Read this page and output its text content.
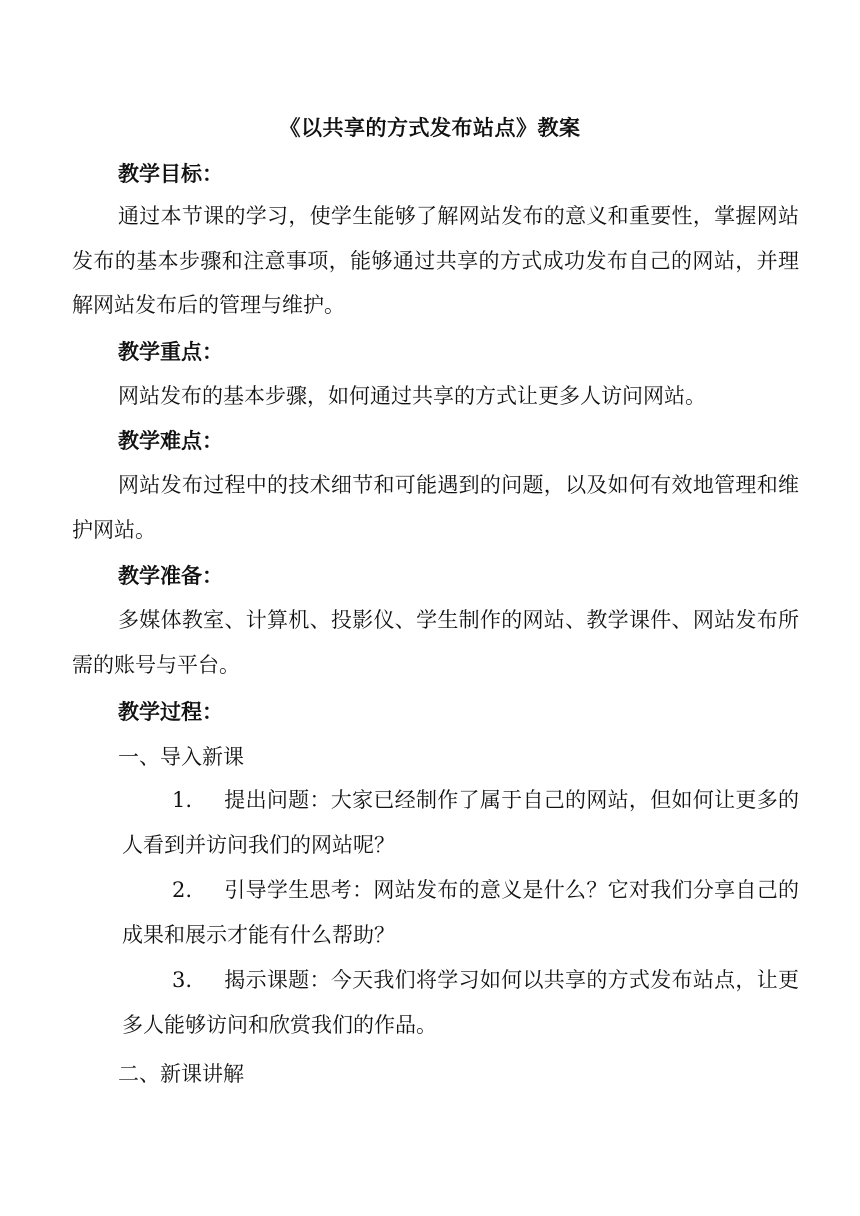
《以共享的方式发布站点》教案
教学目标：
通过本节课的学习，使学生能够了解网站发布的意义和重要性，掌握网站发布的基本步骤和注意事项，能够通过共享的方式成功发布自己的网站，并理解网站发布后的管理与维护。
教学重点：
网站发布的基本步骤，如何通过共享的方式让更多人访问网站。
教学难点：
网站发布过程中的技术细节和可能遇到的问题，以及如何有效地管理和维护网站。
教学准备：
多媒体教室、计算机、投影仪、学生制作的网站、教学课件、网站发布所需的账号与平台。
教学过程：
一、导入新课
1. 提出问题：大家已经制作了属于自己的网站，但如何让更多的人看到并访问我们的网站呢？
2. 引导学生思考：网站发布的意义是什么？它对我们分享自己的成果和展示才能有什么帮助？
3. 揭示课题：今天我们将学习如何以共享的方式发布站点，让更多人能够访问和欣赏我们的作品。
二、新课讲解
